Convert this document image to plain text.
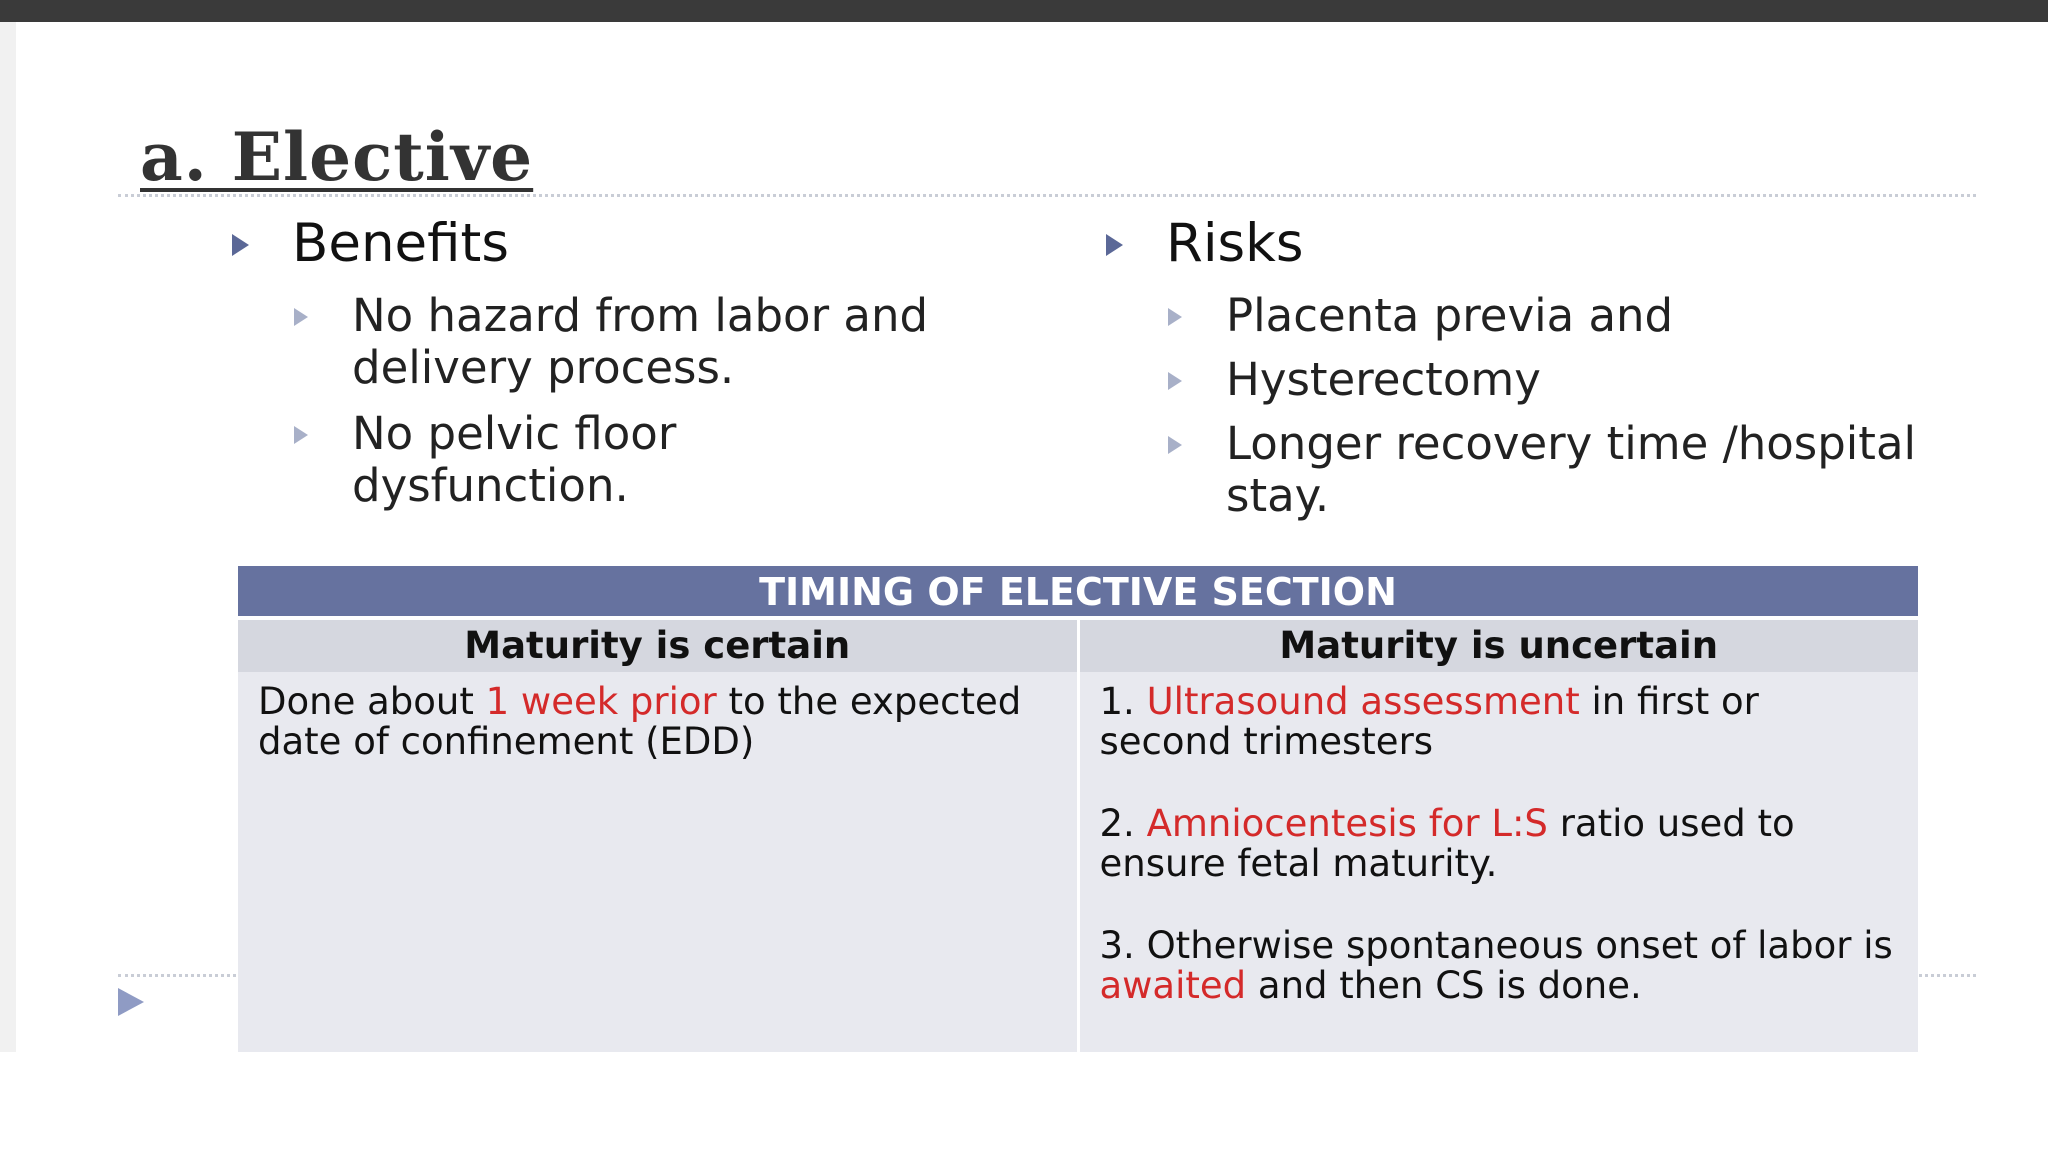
a. Elective
Benefits
No hazard from labor and delivery process.
No pelvic floor dysfunction.
Risks
Placenta previa and
Hysterectomy
Longer recovery time /hospital stay.
TIMING OF ELECTIVE SECTION
Maturity is certain	Maturity is uncertain
Done about 1 week prior to the expected date of confinement (EDD)

1. Ultrasound assessment in first or second trimesters

2. Amniocentesis for L:S ratio used to ensure fetal maturity.

3. Otherwise spontaneous onset of labor is awaited and then CS is done.
